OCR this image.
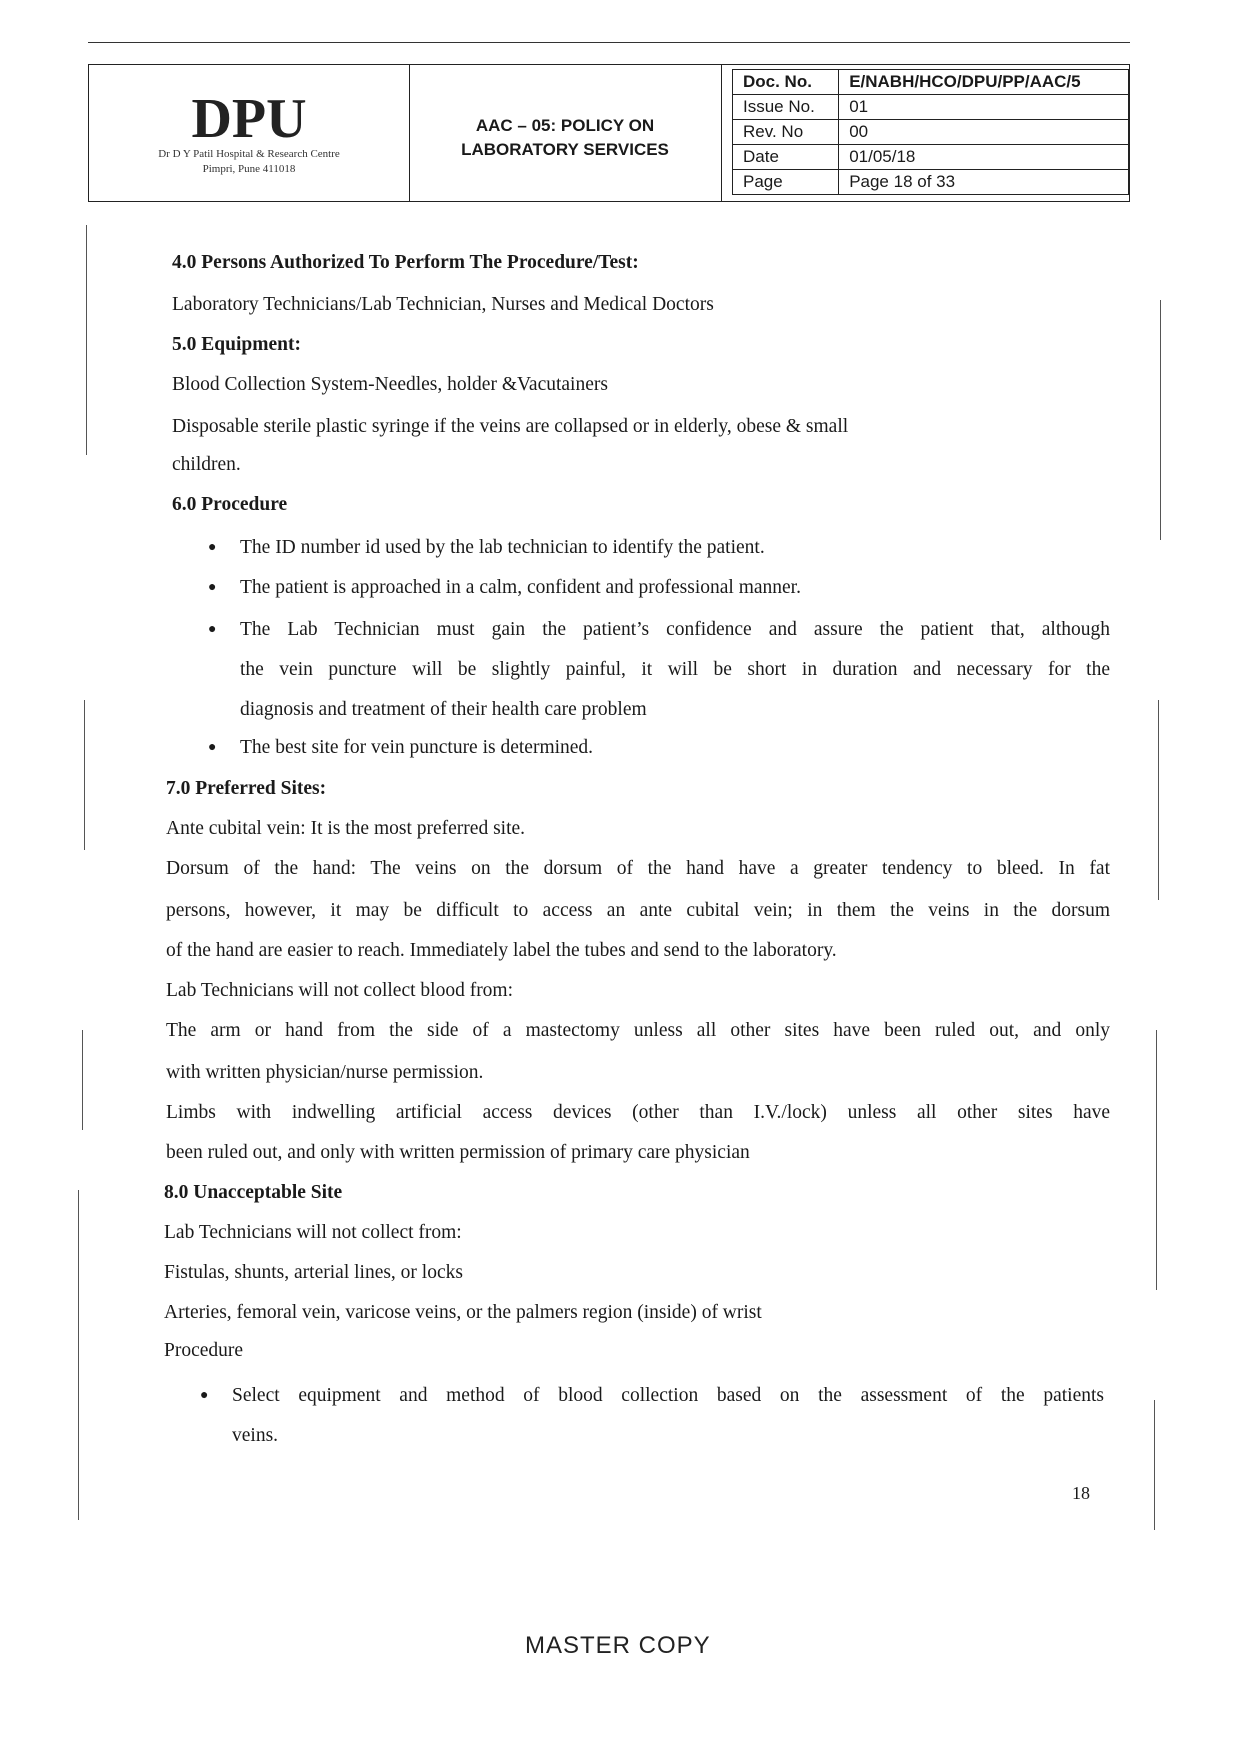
DPU
Dr D Y Patil Hospital & Research Centre
Pimpri, Pune 411018
AAC – 05: POLICY ON
LABORATORY SERVICES
Doc. No.	E/NABH/HCO/DPU/PP/AAC/5
Issue No.	01
Rev. No	00
Date	01/05/18
Page	Page 18 of 33
4.0 Persons Authorized To Perform The Procedure/Test:
Laboratory Technicians/Lab Technician, Nurses and Medical Doctors
5.0 Equipment:
Blood Collection System-Needles, holder &Vacutainers
Disposable sterile plastic syringe if the veins are collapsed or in elderly, obese & small
children.
6.0 Procedure
● The ID number id used by the lab technician to identify the patient.
● The patient is approached in a calm, confident and professional manner.
● The Lab Technician must gain the patient’s confidence and assure the patient that, although
the vein puncture will be slightly painful, it will be short in duration and necessary for the
diagnosis and treatment of their health care problem
● The best site for vein puncture is determined.
7.0 Preferred Sites:
Ante cubital vein: It is the most preferred site.
Dorsum of the hand: The veins on the dorsum of the hand have a greater tendency to bleed. In fat
persons, however, it may be difficult to access an ante cubital vein; in them the veins in the dorsum
of the hand are easier to reach. Immediately label the tubes and send to the laboratory.
Lab Technicians will not collect blood from:
The arm or hand from the side of a mastectomy unless all other sites have been ruled out, and only
with written physician/nurse permission.
Limbs with indwelling artificial access devices (other than I.V./lock) unless all other sites have
been ruled out, and only with written permission of primary care physician
8.0 Unacceptable Site
Lab Technicians will not collect from:
Fistulas, shunts, arterial lines, or locks
Arteries, femoral vein, varicose veins, or the palmers region (inside) of wrist
Procedure
● Select equipment and method of blood collection based on the assessment of the patients
veins.
18
MASTER COPY
